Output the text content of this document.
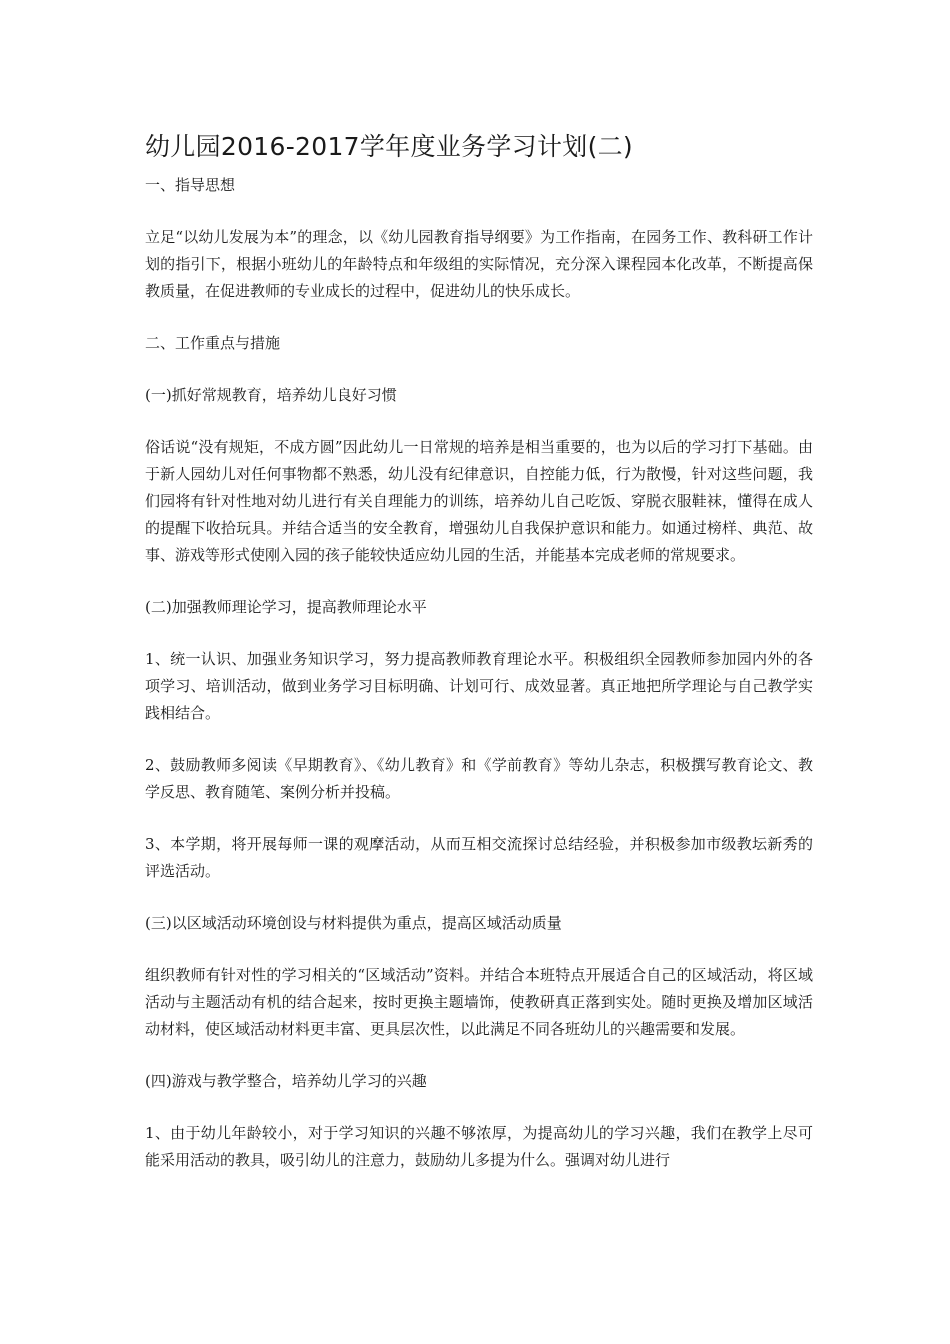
幼儿园2016-2017学年度业务学习计划(二)

一、指导思想

立足“以幼儿发展为本”的理念，以《幼儿园教育指导纲要》为工作指南，在园务工作、教科研工作计划的指引下，根据小班幼儿的年龄特点和年级组的实际情况，充分深入课程园本化改革，不断提高保教质量，在促进教师的专业成长的过程中，促进幼儿的快乐成长。

二、工作重点与措施

(一)抓好常规教育，培养幼儿良好习惯

俗话说“没有规矩，不成方圆”因此幼儿一日常规的培养是相当重要的，也为以后的学习打下基础。由于新人园幼儿对任何事物都不熟悉，幼儿没有纪律意识，自控能力低，行为散慢，针对这些问题，我们园将有针对性地对幼儿进行有关自理能力的训练，培养幼儿自己吃饭、穿脱衣服鞋袜，懂得在成人的提醒下收拾玩具。并结合适当的安全教育，增强幼儿自我保护意识和能力。如通过榜样、典范、故事、游戏等形式使刚入园的孩子能较快适应幼儿园的生活，并能基本完成老师的常规要求。

(二)加强教师理论学习，提高教师理论水平

1、统一认识、加强业务知识学习，努力提高教师教育理论水平。积极组织全园教师参加园内外的各项学习、培训活动，做到业务学习目标明确、计划可行、成效显著。真正地把所学理论与自己教学实践相结合。

2、鼓励教师多阅读《早期教育》、《幼儿教育》和《学前教育》等幼儿杂志，积极撰写教育论文、教学反思、教育随笔、案例分析并投稿。

3、本学期，将开展每师一课的观摩活动，从而互相交流探讨总结经验，并积极参加市级教坛新秀的评选活动。

(三)以区域活动环境创设与材料提供为重点，提高区域活动质量

组织教师有针对性的学习相关的“区域活动”资料。并结合本班特点开展适合自己的区域活动，将区域活动与主题活动有机的结合起来，按时更换主题墙饰，使教研真正落到实处。随时更换及增加区域活动材料，使区域活动材料更丰富、更具层次性，以此满足不同各班幼儿的兴趣需要和发展。

(四)游戏与教学整合，培养幼儿学习的兴趣

1、由于幼儿年龄较小，对于学习知识的兴趣不够浓厚，为提高幼儿的学习兴趣，我们在教学上尽可能采用活动的教具，吸引幼儿的注意力，鼓励幼儿多提为什么。强调对幼儿进行
